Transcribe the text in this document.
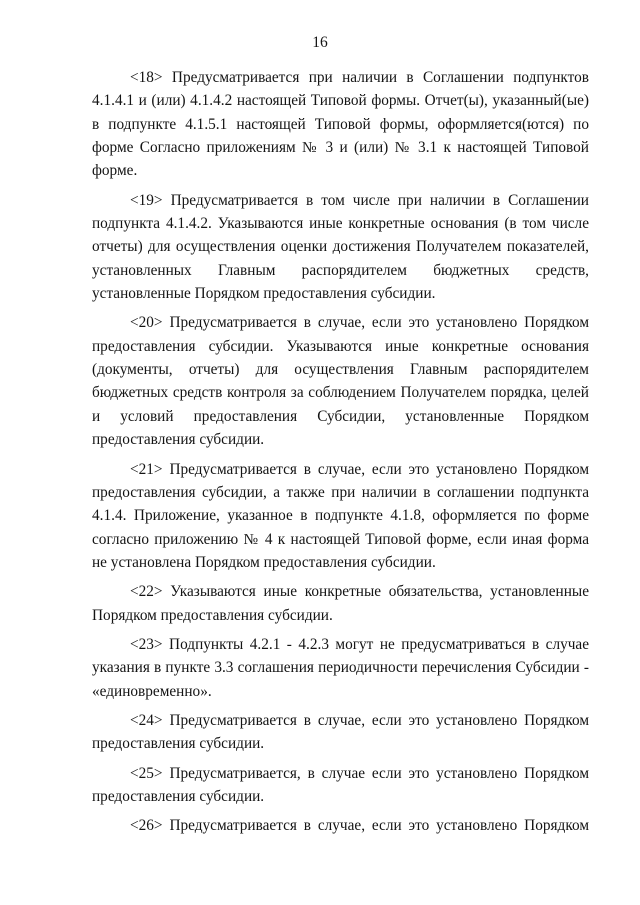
16

<18> Предусматривается при наличии в Соглашении подпунктов 4.1.4.1 и (или) 4.1.4.2 настоящей Типовой формы. Отчет(ы), указанный(ые) в подпункте 4.1.5.1 настоящей Типовой формы, оформляется(ются) по форме Согласно приложениям № 3 и (или) № 3.1 к настоящей Типовой форме.

<19> Предусматривается в том числе при наличии в Соглашении подпункта 4.1.4.2. Указываются иные конкретные основания (в том числе отчеты) для осуществления оценки достижения Получателем показателей, установленных Главным распорядителем бюджетных средств, установленные Порядком предоставления субсидии.

<20> Предусматривается в случае, если это установлено Порядком предоставления субсидии. Указываются иные конкретные основания (документы, отчеты) для осуществления Главным распорядителем бюджетных средств контроля за соблюдением Получателем порядка, целей и условий предоставления Субсидии, установленные Порядком предоставления субсидии.

<21> Предусматривается в случае, если это установлено Порядком предоставления субсидии, а также при наличии в соглашении подпункта 4.1.4. Приложение, указанное в подпункте 4.1.8, оформляется по форме согласно приложению № 4 к настоящей Типовой форме, если иная форма не установлена Порядком предоставления субсидии.

<22> Указываются иные конкретные обязательства, установленные Порядком предоставления субсидии.

<23> Подпункты 4.2.1 - 4.2.3 могут не предусматриваться в случае указания в пункте 3.3 соглашения периодичности перечисления Субсидии - «единовременно».

<24> Предусматривается в случае, если это установлено Порядком предоставления субсидии.

<25> Предусматривается, в случае если это установлено Порядком предоставления субсидии.

<26> Предусматривается в случае, если это установлено Порядком
